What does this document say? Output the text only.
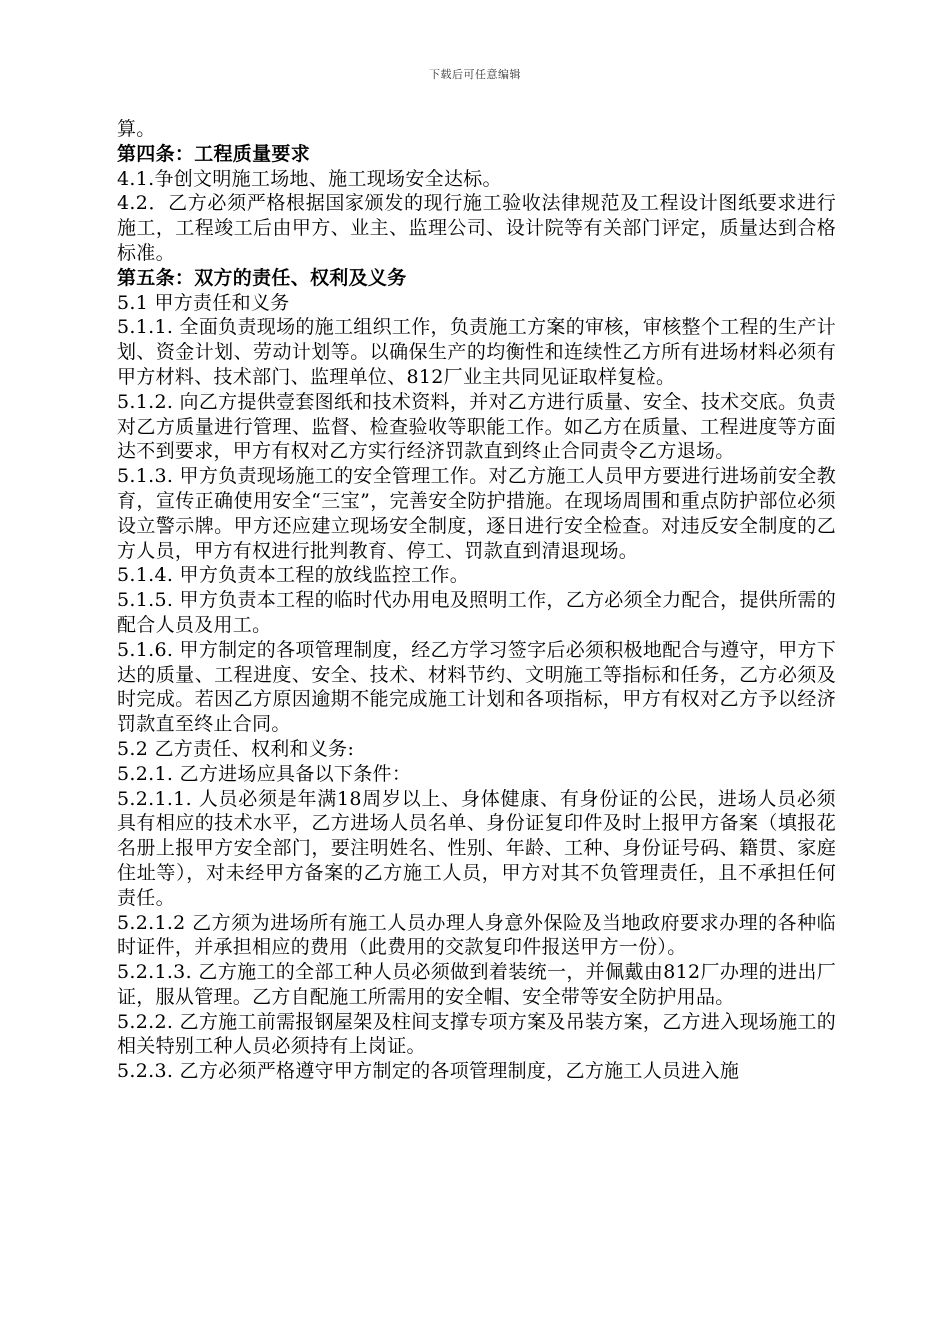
下载后可任意编辑

算。

第四条：工程质量要求

4.1.争创文明施工场地、施工现场安全达标。

4.2．乙方必须严格根据国家颁发的现行施工验收法律规范及工程设计图纸要求进行施工，工程竣工后由甲方、业主、监理公司、设计院等有关部门评定，质量达到合格标准。

第五条：双方的责任、权利及义务

5.1 甲方责任和义务

5.1.1. 全面负责现场的施工组织工作，负责施工方案的审核，审核整个工程的生产计划、资金计划、劳动计划等。以确保生产的均衡性和连续性乙方所有进场材料必须有甲方材料、技术部门、监理单位、812厂业主共同见证取样复检。

5.1.2. 向乙方提供壹套图纸和技术资料，并对乙方进行质量、安全、技术交底。负责对乙方质量进行管理、监督、检查验收等职能工作。如乙方在质量、工程进度等方面达不到要求，甲方有权对乙方实行经济罚款直到终止合同责令乙方退场。

5.1.3. 甲方负责现场施工的安全管理工作。对乙方施工人员甲方要进行进场前安全教育，宣传正确使用安全“三宝”，完善安全防护措施。在现场周围和重点防护部位必须设立警示牌。甲方还应建立现场安全制度，逐日进行安全检查。对违反安全制度的乙方人员，甲方有权进行批判教育、停工、罚款直到清退现场。

5.1.4. 甲方负责本工程的放线监控工作。

5.1.5. 甲方负责本工程的临时代办用电及照明工作，乙方必须全力配合，提供所需的配合人员及用工。

5.1.6. 甲方制定的各项管理制度，经乙方学习签字后必须积极地配合与遵守，甲方下达的质量、工程进度、安全、技术、材料节约、文明施工等指标和任务，乙方必须及时完成。若因乙方原因逾期不能完成施工计划和各项指标，甲方有权对乙方予以经济罚款直至终止合同。

5.2 乙方责任、权利和义务:

5.2.1. 乙方进场应具备以下条件：

5.2.1.1. 人员必须是年满18周岁以上、身体健康、有身份证的公民，进场人员必须具有相应的技术水平，乙方进场人员名单、身份证复印件及时上报甲方备案（填报花名册上报甲方安全部门，要注明姓名、性别、年龄、工种、身份证号码、籍贯、家庭住址等），对未经甲方备案的乙方施工人员，甲方对其不负管理责任，且不承担任何责任。

5.2.1.2 乙方须为进场所有施工人员办理人身意外保险及当地政府要求办理的各种临时证件，并承担相应的费用（此费用的交款复印件报送甲方一份）。

5.2.1.3. 乙方施工的全部工种人员必须做到着装统一，并佩戴由812厂办理的进出厂证，服从管理。乙方自配施工所需用的安全帽、安全带等安全防护用品。

5.2.2. 乙方施工前需报钢屋架及柱间支撑专项方案及吊装方案，乙方进入现场施工的相关特别工种人员必须持有上岗证。

5.2.3. 乙方必须严格遵守甲方制定的各项管理制度，乙方施工人员进入施
